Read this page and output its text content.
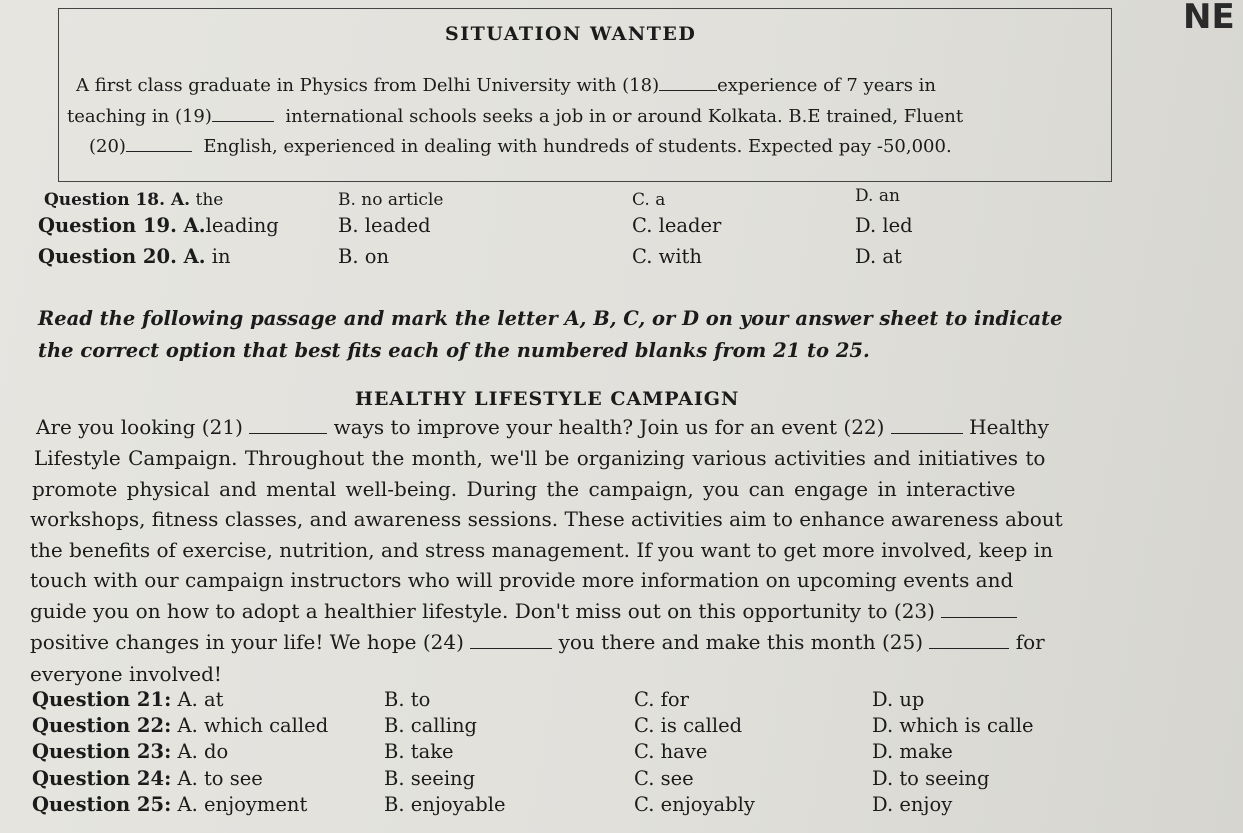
NE
SITUATION WANTED
A first class graduate in Physics from Delhi University with (18)	experience of 7 years in
teaching in (19)	international schools seeks a job in or around Kolkata. B.E trained, Fluent
(20)	English, experienced in dealing with hundreds of students. Expected pay -50,000.
Question 18. A. the	B. no article	C. a	D. an
Question 19. A.leading	B. leaded	C. leader	D. led
Question 20. A. in	B. on	C. with	D. at
Read the following passage and mark the letter A, B, C, or D on your answer sheet to indicate
the correct option that best fits each of the numbered blanks from 21 to 25.
HEALTHY LIFESTYLE CAMPAIGN
Are you looking (21)	ways to improve your health? Join us for an event (22)	Healthy
Lifestyle Campaign. Throughout the month, we'll be organizing various activities and initiatives to
promote physical and mental well-being. During the campaign, you can engage in interactive
workshops, fitness classes, and awareness sessions. These activities aim to enhance awareness about
the benefits of exercise, nutrition, and stress management. If you want to get more involved, keep in
touch with our campaign instructors who will provide more information on upcoming events and
guide you on how to adopt a healthier lifestyle. Don't miss out on this opportunity to (23)
positive changes in your life! We hope (24)	you there and make this month (25)	for
everyone involved!
Question 21: A. at	B. to	C. for	D. up
Question 22: A. which called	B. calling	C. is called	D. which is calle
Question 23: A. do	B. take	C. have	D. make
Question 24: A. to see	B. seeing	C. see	D. to seeing
Question 25: A. enjoyment	B. enjoyable	C. enjoyably	D. enjoy
